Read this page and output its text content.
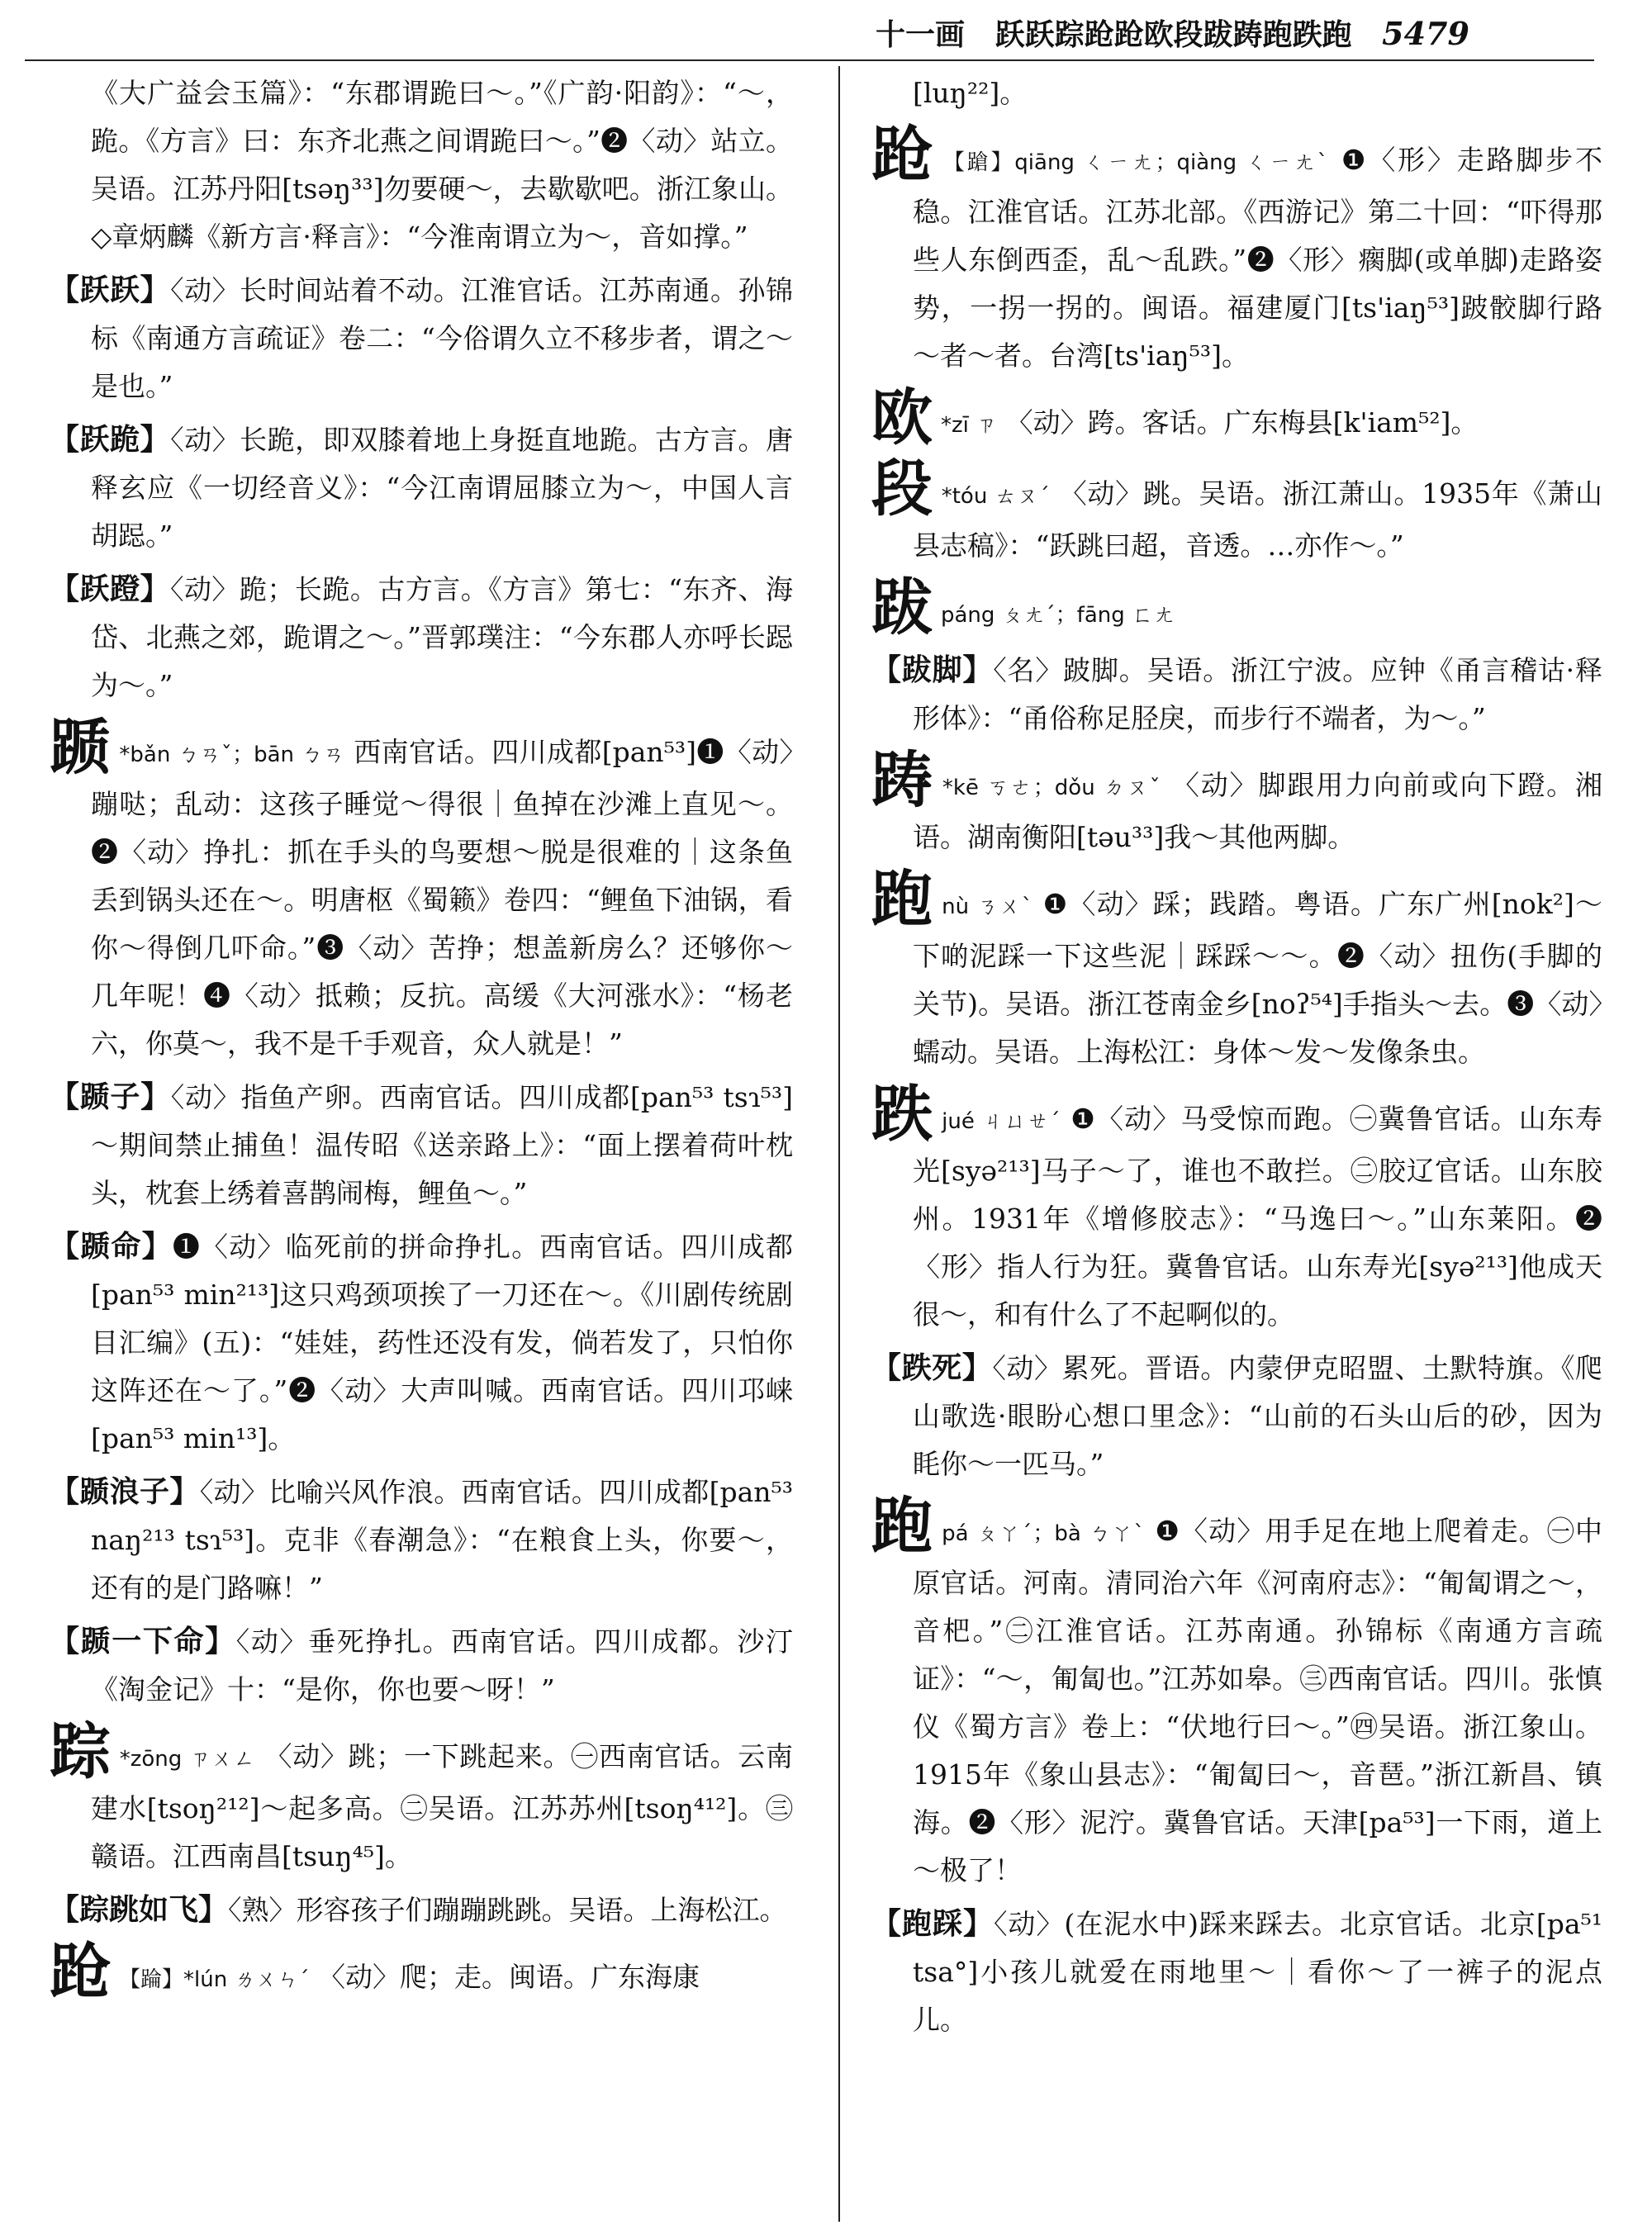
十一画 跃跃踪跄跄欧段跋踌跑跌跑 5479
《大广益会玉篇》：“东郡谓跪曰～。”《广韵·阳韵》：“～，跪。《方言》曰：东齐北燕之间谓跪曰～。”❷〈动〉站立。吴语。江苏丹阳[tsəŋ³³]勿要硬～，去歇歇吧。浙江象山。◇章炳麟《新方言·释言》：“今淮南谓立为～，音如撑。”
【跃跃】〈动〉长时间站着不动。江淮官话。江苏南通。孙锦标《南通方言疏证》卷二：“今俗谓久立不移步者，谓之～是也。”
【跃跪】〈动〉长跪，即双膝着地上身挺直地跪。古方言。唐释玄应《一切经音义》：“今江南谓屈膝立为～，中国人言胡跽。”
【跃蹬】〈动〉跪；长跪。古方言。《方言》第七：“东齐、海岱、北燕之郊，跪谓之～。”晋郭璞注：“今东郡人亦呼长跽为～。”
踬 *bǎn ㄅㄢˇ；bān ㄅㄢ 西南官话。四川成都[pan⁵³]❶〈动〉蹦哒；乱动：这孩子睡觉～得很｜鱼掉在沙滩上直见～。❷〈动〉挣扎：抓在手头的鸟要想～脱是很难的｜这条鱼丢到锅头还在～。明唐枢《蜀籁》卷四：“鲤鱼下油锅，看你～得倒几吓命。”❸〈动〉苦挣；想盖新房么？还够你～几年呢！❹〈动〉抵赖；反抗。高缓《大河涨水》：“杨老六，你莫～，我不是千手观音，众人就是！”
【踬子】〈动〉指鱼产卵。西南官话。四川成都[pan⁵³ tsɿ⁵³]～期间禁止捕鱼！温传昭《送亲路上》：“面上摆着荷叶枕头，枕套上绣着喜鹊闹梅，鲤鱼～。”
【踬命】❶〈动〉临死前的拼命挣扎。西南官话。四川成都[pan⁵³ min²¹³]这只鸡颈项挨了一刀还在～。《川剧传统剧目汇编》(五)：“娃娃，药性还没有发，倘若发了，只怕你这阵还在～了。”❷〈动〉大声叫喊。西南官话。四川邛崃[pan⁵³ min¹³]。
【踬浪子】〈动〉比喻兴风作浪。西南官话。四川成都[pan⁵³ naŋ²¹³ tsɿ⁵³]。克非《春潮急》：“在粮食上头，你要～，还有的是门路嘛！”
【踬一下命】〈动〉垂死挣扎。西南官话。四川成都。沙汀《淘金记》十：“是你，你也要～呀！”
踪 *zōng ㄗㄨㄥ 〈动〉跳；一下跳起来。㊀西南官话。云南建水[tsoŋ²¹²]～起多高。㊁吴语。江苏苏州[tsoŋ⁴¹²]。㊂赣语。江西南昌[tsuŋ⁴⁵]。
【踪跳如飞】〈熟〉形容孩子们蹦蹦跳跳。吴语。上海松江。
跄 【踚】*lún ㄌㄨㄣˊ 〈动〉爬；走。闽语。广东海康
[luŋ²²]。
跄 【蹌】qiāng ㄑㄧㄤ；qiàng ㄑㄧㄤˋ ❶〈形〉走路脚步不稳。江淮官话。江苏北部。《西游记》第二十回：“吓得那些人东倒西歪，乱～乱跌。”❷〈形〉瘸脚(或单脚)走路姿势，一拐一拐的。闽语。福建厦门[ts'iaŋ⁵³]跛骹脚行路～者～者。台湾[ts'iaŋ⁵³]。
欧 *zī ㄗ 〈动〉跨。客话。广东梅县[k'iam⁵²]。
段 *tóu ㄊㄡˊ 〈动〉跳。吴语。浙江萧山。1935年《萧山县志稿》：“跃跳曰超，音透。…亦作～。”
跋páng ㄆㄤˊ；fāng ㄈㄤ
【跋脚】〈名〉跛脚。吴语。浙江宁波。应钟《甬言稽诂·释形体》：“甬俗称足胫戾，而步行不端者，为～。”
踌 *kē ㄎㄜ；dǒu ㄉㄡˇ 〈动〉脚跟用力向前或向下蹬。湘语。湖南衡阳[təu³³]我～其他两脚。
跑nù ㄋㄨˋ ❶〈动〉踩；践踏。粤语。广东广州[nok²]～下啲泥踩一下这些泥｜踩踩～～。❷〈动〉扭伤(手脚的关节)。吴语。浙江苍南金乡[noʔ⁵⁴]手指头～去。❸〈动〉蠕动。吴语。上海松江：身体～发～发像条虫。
跌jué ㄐㄩㄝˊ ❶〈动〉马受惊而跑。㊀冀鲁官话。山东寿光[syə²¹³]马子～了，谁也不敢拦。㊁胶辽官话。山东胶州。1931年《增修胶志》：“马逸曰～。”山东莱阳。❷〈形〉指人行为狂。冀鲁官话。山东寿光[syə²¹³]他成天很～，和有什么了不起啊似的。
【跌死】〈动〉累死。晋语。内蒙伊克昭盟、土默特旗。《爬山歌选·眼盼心想口里念》：“山前的石头山后的砂，因为眊你～一匹马。”
跑pá ㄆㄚˊ；bà ㄅㄚˋ ❶〈动〉用手足在地上爬着走。㊀中原官话。河南。清同治六年《河南府志》：“匍匐谓之～，音杷。”㊁江淮官话。江苏南通。孙锦标《南通方言疏证》：“～，匍匐也。”江苏如皋。㊂西南官话。四川。张慎仪《蜀方言》卷上：“伏地行曰～。”㊃吴语。浙江象山。1915年《象山县志》：“匍匐曰～，音琶。”浙江新昌、镇海。❷〈形〉泥泞。冀鲁官话。天津[pa⁵³]一下雨，道上～极了！
【跑踩】〈动〉(在泥水中)踩来踩去。北京官话。北京[pa⁵¹ tsa°]小孩儿就爱在雨地里～｜看你～了一裤子的泥点儿。
